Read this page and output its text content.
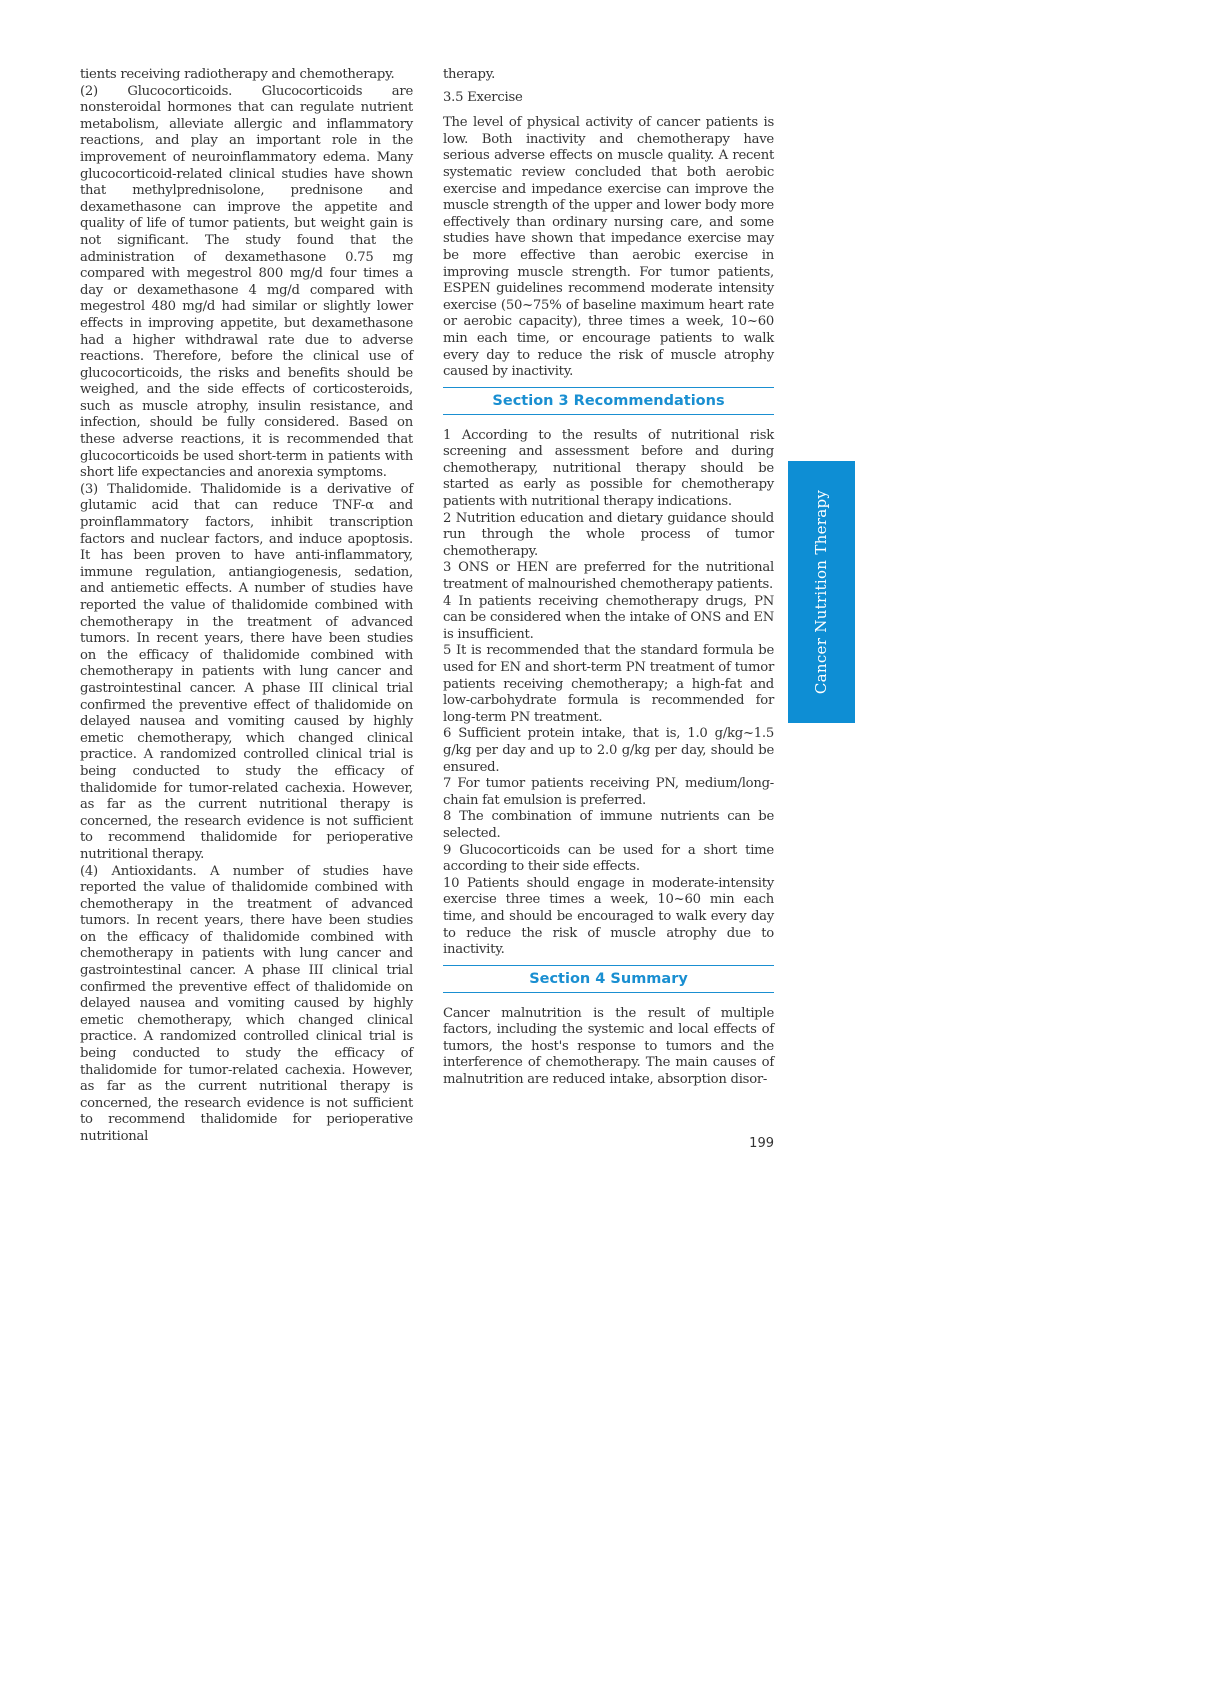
tients receiving radiotherapy and chemotherapy.

(2) Glucocorticoids. Glucocorticoids are nonsteroidal hormones that can regulate nutrient metabolism, alleviate allergic and inflammatory reactions, and play an important role in the improvement of neuroinflammatory edema. Many glucocorticoid-related clinical studies have shown that methylprednisolone, prednisone and dexamethasone can improve the appetite and quality of life of tumor patients, but weight gain is not significant. The study found that the administration of dexamethasone 0.75 mg compared with megestrol 800 mg/d four times a day or dexamethasone 4 mg/d compared with megestrol 480 mg/d had similar or slightly lower effects in improving appetite, but dexamethasone had a higher withdrawal rate due to adverse reactions. Therefore, before the clinical use of glucocorticoids, the risks and benefits should be weighed, and the side effects of corticosteroids, such as muscle atrophy, insulin resistance, and infection, should be fully considered. Based on these adverse reactions, it is recommended that glucocorticoids be used short-term in patients with short life expectancies and anorexia symptoms.

(3) Thalidomide. Thalidomide is a derivative of glutamic acid that can reduce TNF-α and proinflammatory factors, inhibit transcription factors and nuclear factors, and induce apoptosis. It has been proven to have anti-inflammatory, immune regulation, antiangiogenesis, sedation, and antiemetic effects. A number of studies have reported the value of thalidomide combined with chemotherapy in the treatment of advanced tumors. In recent years, there have been studies on the efficacy of thalidomide combined with chemotherapy in patients with lung cancer and gastrointestinal cancer. A phase III clinical trial confirmed the preventive effect of thalidomide on delayed nausea and vomiting caused by highly emetic chemotherapy, which changed clinical practice. A randomized controlled clinical trial is being conducted to study the efficacy of thalidomide for tumor-related cachexia. However, as far as the current nutritional therapy is concerned, the research evidence is not sufficient to recommend thalidomide for perioperative nutritional therapy.

(4) Antioxidants. A number of studies have reported the value of thalidomide combined with chemotherapy in the treatment of advanced tumors. In recent years, there have been studies on the efficacy of thalidomide combined with chemotherapy in patients with lung cancer and gastrointestinal cancer. A phase III clinical trial confirmed the preventive effect of thalidomide on delayed nausea and vomiting caused by highly emetic chemotherapy, which changed clinical practice. A randomized controlled clinical trial is being conducted to study the efficacy of thalidomide for tumor-related cachexia. However, as far as the current nutritional therapy is concerned, the research evidence is not sufficient to recommend thalidomide for perioperative nutritional

therapy.

3.5 Exercise

The level of physical activity of cancer patients is low. Both inactivity and chemotherapy have serious adverse effects on muscle quality. A recent systematic review concluded that both aerobic exercise and impedance exercise can improve the muscle strength of the upper and lower body more effectively than ordinary nursing care, and some studies have shown that impedance exercise may be more effective than aerobic exercise in improving muscle strength. For tumor patients, ESPEN guidelines recommend moderate intensity exercise (50~75% of baseline maximum heart rate or aerobic capacity), three times a week, 10~60 min each time, or encourage patients to walk every day to reduce the risk of muscle atrophy caused by inactivity.

Section 3 Recommendations

1 According to the results of nutritional risk screening and assessment before and during chemotherapy, nutritional therapy should be started as early as possible for chemotherapy patients with nutritional therapy indications.

2 Nutrition education and dietary guidance should run through the whole process of tumor chemotherapy.

3 ONS or HEN are preferred for the nutritional treatment of malnourished chemotherapy patients.

4 In patients receiving chemotherapy drugs, PN can be considered when the intake of ONS and EN is insufficient.

5 It is recommended that the standard formula be used for EN and short-term PN treatment of tumor patients receiving chemotherapy; a high-fat and low-carbohydrate formula is recommended for long-term PN treatment.

6 Sufficient protein intake, that is, 1.0 g/kg~1.5 g/kg per day and up to 2.0 g/kg per day, should be ensured.

7 For tumor patients receiving PN, medium/long-chain fat emulsion is preferred.

8 The combination of immune nutrients can be selected.

9 Glucocorticoids can be used for a short time according to their side effects.

10 Patients should engage in moderate-intensity exercise three times a week, 10~60 min each time, and should be encouraged to walk every day to reduce the risk of muscle atrophy due to inactivity.

Section 4 Summary

Cancer malnutrition is the result of multiple factors, including the systemic and local effects of tumors, the host's response to tumors and the interference of chemotherapy. The main causes of malnutrition are reduced intake, absorption disor-

Cancer Nutrition Therapy
199
